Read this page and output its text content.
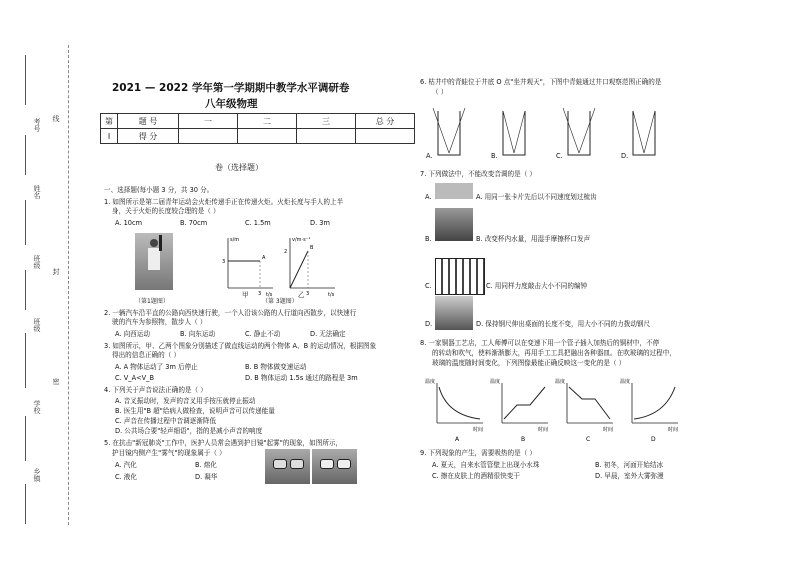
线
封
密
考号
姓名
班级
班级
学校
乡镇
2021 — 2022 学年第一学期期中教学水平调研卷
八年级物理
第	题 号	一	二	三	总 分
I	得 分				
卷（选择题）
一、选择题(每小题 3 分，共 30 分。
1. 如图所示是第二届青年运动会火炬传递手正在传递火炬。火炬长度与手人的上半
身，关于火炬的长度较合理的是（ ）
A. 10cm	B. 70cm	C. 1.5m	D. 3m
（第1题图）
s/m
t/s
3
3
A
甲
v/m·s⁻¹
t/s
2
3
B
乙
（第 3题图）
2. 一辆汽车沿平直的公路向西快速行驶，一个人沿该公路的人行道向西散步，以快速行
驶的汽车为参照物，散步人（ ）
A. 向西运动	B. 向东运动	C. 静止不动	D. 无法确定
3. 如图所示，甲、乙两个图象分别描述了做直线运动的两个物体 A、B 的运动情况，根据图象
得出的信息正确的（ ）
A. A 物体运动了 3m 后停止	B. B 物体做变速运动
C. V_A<V_B	D. B 物体运动 1.5s 通过的路程是 3m
4. 下列关于声音说法正确的是（ ）
A. 音叉振动时，发声的音叉用手按压就停止振动
B. 医生用"B 超"给病人做检查，说明声音可以传递能量
C. 声音在传播过程中音调逐渐降低
D. 公共场合要"轻声细语"，指的是减小声音的响度
5. 在抗击"新冠肺炎"工作中，医护人员常会遇到护目镜"起雾"的现象，如图所示，
护目镜内侧产生"雾气"的现象属于（ ）
A. 汽化	B. 熔化
C. 液化	D. 凝华
6. 枯井中的青蛙位于井底 O 点"坐井观天"，下图中青蛙通过井口观察范围正确的是
（ ）
A.	B.	C.	D.
7. 下列做法中，不能改变音调的是（ ）
A.	A. 用同一张卡片先后以不同速度划过梳齿
B.	B. 改变杯内水量，用湿手摩擦杯口发声
C.	C. 用同样力度敲击大小不同的编钟
D.	D. 保持钢尺伸出桌面的长度不变，用大小不同的力拨动钢尺
8. 一家铜器工艺店，工人师傅可以在变速下用一个管子插入加热后的铜材中，不停
的转动和吹气，使料渐渐膨大，再用手工工具把融出各种器皿。在吹玻璃的过程中，
玻璃的温度随时间变化，下列图像最能正确反映这一变化的是（ ）
温度
时间
A
温度
时间
B
温度
时间
C
温度
时间
D
9. 下列现象的产生，需要吸热的是（ ）
A. 夏天，自来水管管壁上出现小水珠	B. 初冬，河面开始结冰
C. 擦在皮肤上的酒精很快变干	D. 早晨，室外大雾弥漫
